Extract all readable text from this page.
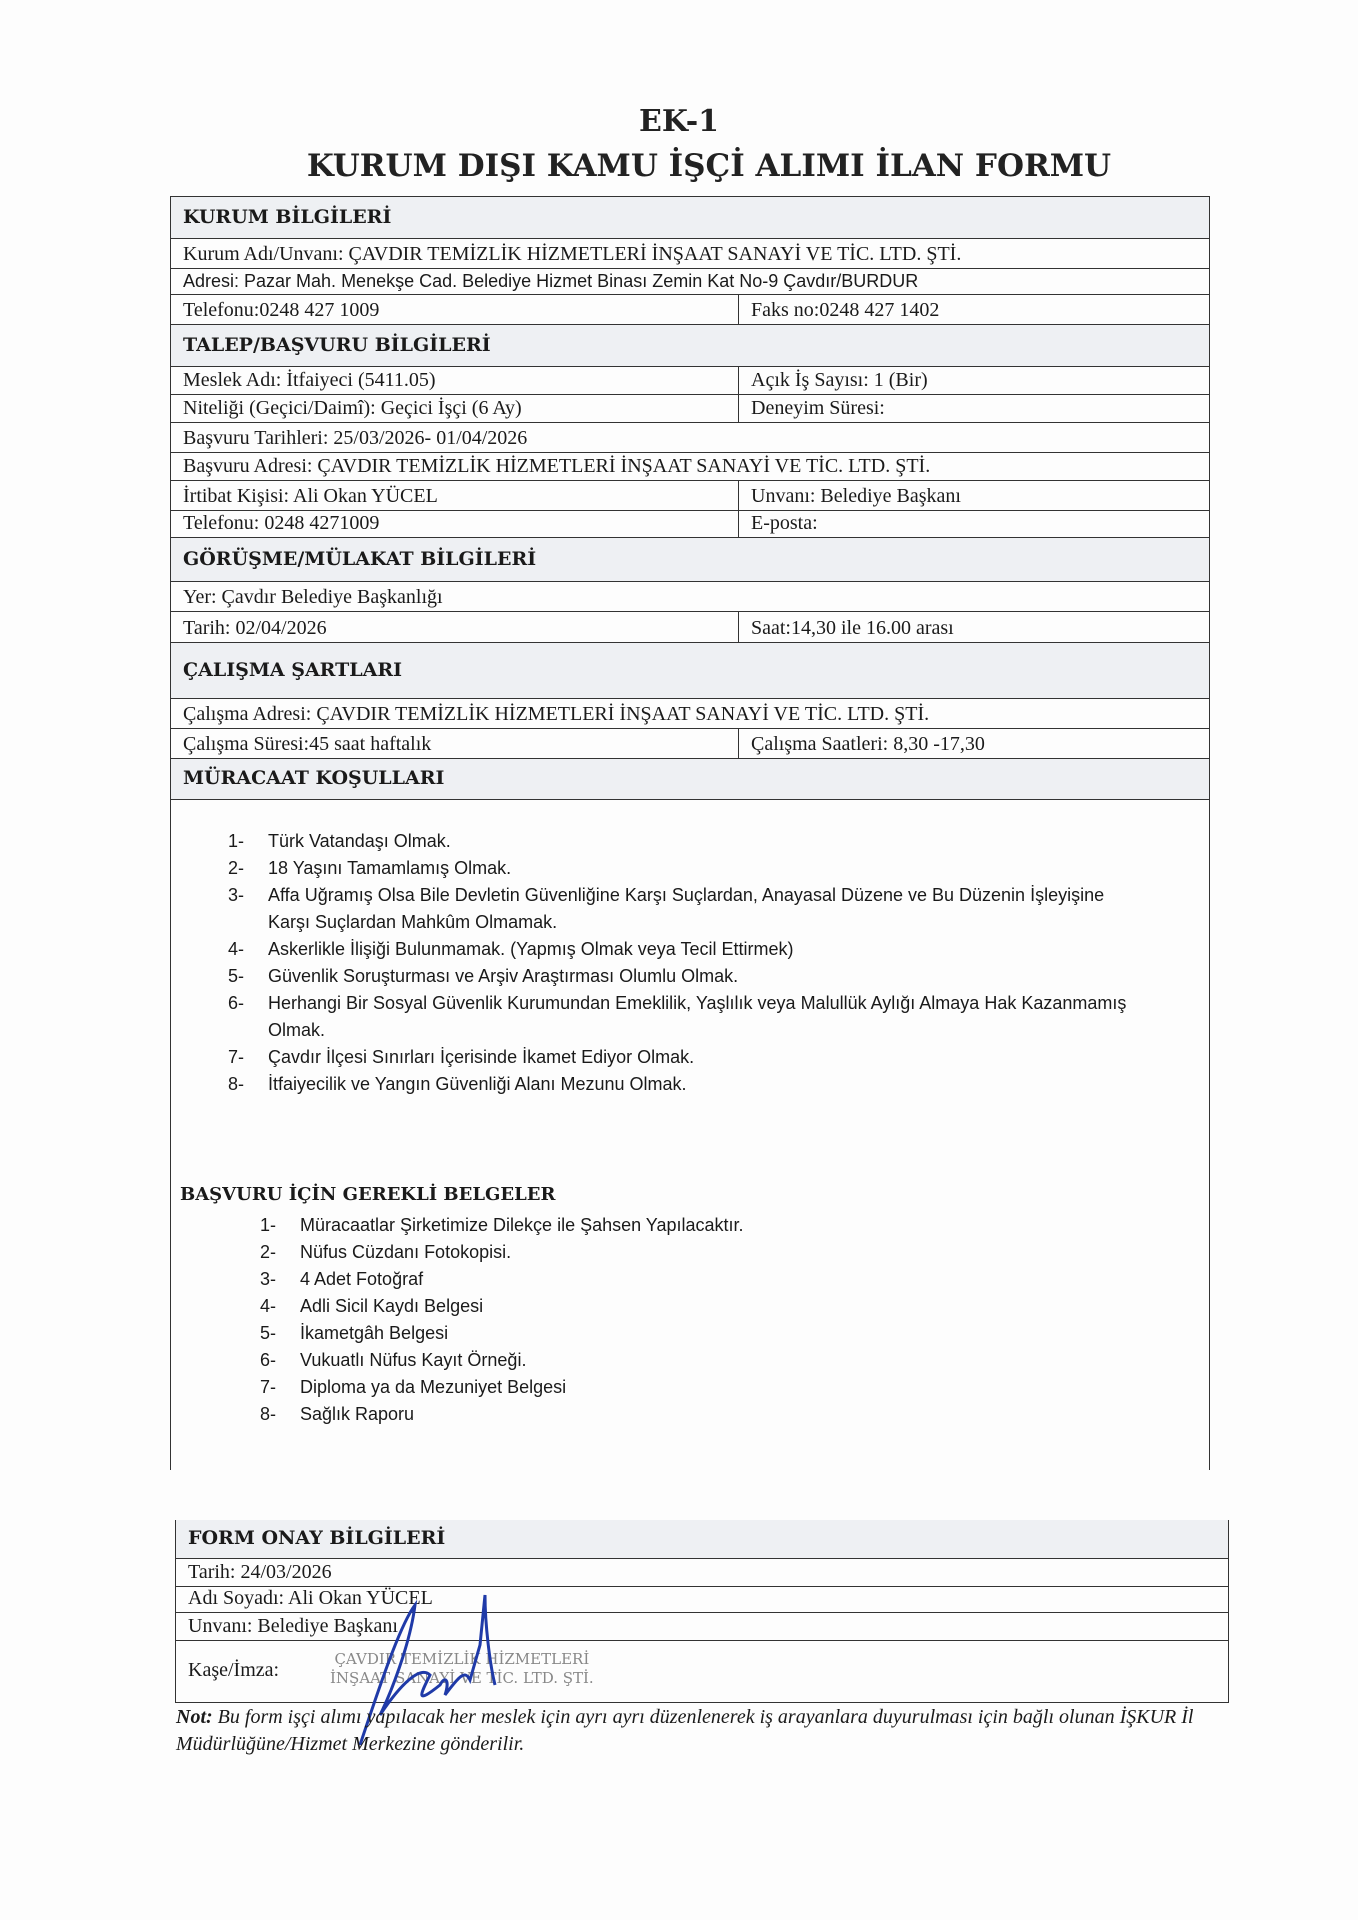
EK-1
KURUM DIŞI KAMU İŞÇİ ALIMI İLAN FORMU
KURUM BİLGİLERİ
Kurum Adı/Unvanı: ÇAVDIR TEMİZLİK HİZMETLERİ İNŞAAT SANAYİ VE TİC. LTD. ŞTİ.
Adresi: Pazar Mah. Menekşe Cad. Belediye Hizmet Binası Zemin Kat No-9 Çavdır/BURDUR
Telefonu:0248 427 1009	Faks no:0248 427 1402
TALEP/BAŞVURU BİLGİLERİ
Meslek Adı: İtfaiyeci (5411.05)	Açık İş Sayısı: 1 (Bir)
Niteliği (Geçici/Daimî): Geçici İşçi (6 Ay)	Deneyim Süresi:
Başvuru Tarihleri: 25/03/2026- 01/04/2026
Başvuru Adresi: ÇAVDIR TEMİZLİK HİZMETLERİ İNŞAAT SANAYİ VE TİC. LTD. ŞTİ.
İrtibat Kişisi: Ali Okan YÜCEL	Unvanı: Belediye Başkanı
Telefonu: 0248 4271009	E-posta:
GÖRÜŞME/MÜLAKAT BİLGİLERİ
Yer: Çavdır Belediye Başkanlığı
Tarih: 02/04/2026	Saat:14,30 ile 16.00 arası
ÇALIŞMA ŞARTLARI
Çalışma Adresi: ÇAVDIR TEMİZLİK HİZMETLERİ İNŞAAT SANAYİ VE TİC. LTD. ŞTİ.
Çalışma Süresi:45 saat haftalık	Çalışma Saatleri: 8,30 -17,30
MÜRACAAT KOŞULLARI
1-	Türk Vatandaşı Olmak.
2-	18 Yaşını Tamamlamış Olmak.
3-	Affa Uğramış Olsa Bile Devletin Güvenliğine Karşı Suçlardan, Anayasal Düzene ve Bu Düzenin İşleyişine Karşı Suçlardan Mahkûm Olmamak.
4-	Askerlikle İlişiği Bulunmamak. (Yapmış Olmak veya Tecil Ettirmek)
5-	Güvenlik Soruşturması ve Arşiv Araştırması Olumlu Olmak.
6-	Herhangi Bir Sosyal Güvenlik Kurumundan Emeklilik, Yaşlılık veya Malullük Aylığı Almaya Hak Kazanmamış Olmak.
7-	Çavdır İlçesi Sınırları İçerisinde İkamet Ediyor Olmak.
8-	İtfaiyecilik ve Yangın Güvenliği Alanı Mezunu Olmak.
BAŞVURU İÇİN GEREKLİ BELGELER
1-	Müracaatlar Şirketimize Dilekçe ile Şahsen Yapılacaktır.
2-	Nüfus Cüzdanı Fotokopisi.
3-	4 Adet Fotoğraf
4-	Adli Sicil Kaydı Belgesi
5-	İkametgâh Belgesi
6-	Vukuatlı Nüfus Kayıt Örneği.
7-	Diploma ya da Mezuniyet Belgesi
8-	Sağlık Raporu
FORM ONAY BİLGİLERİ
Tarih: 24/03/2026
Adı Soyadı: Ali Okan YÜCEL
Unvanı: Belediye Başkanı
Kaşe/İmza:	ÇAVDIR TEMİZLİK HİZMETLERİ
İNŞAAT SANAYİ VE TİC. LTD. ŞTİ.
Not: Bu form işçi alımı yapılacak her meslek için ayrı ayrı düzenlenerek iş arayanlara duyurulması için bağlı olunan İŞKUR İl Müdürlüğüne/Hizmet Merkezine gönderilir.
